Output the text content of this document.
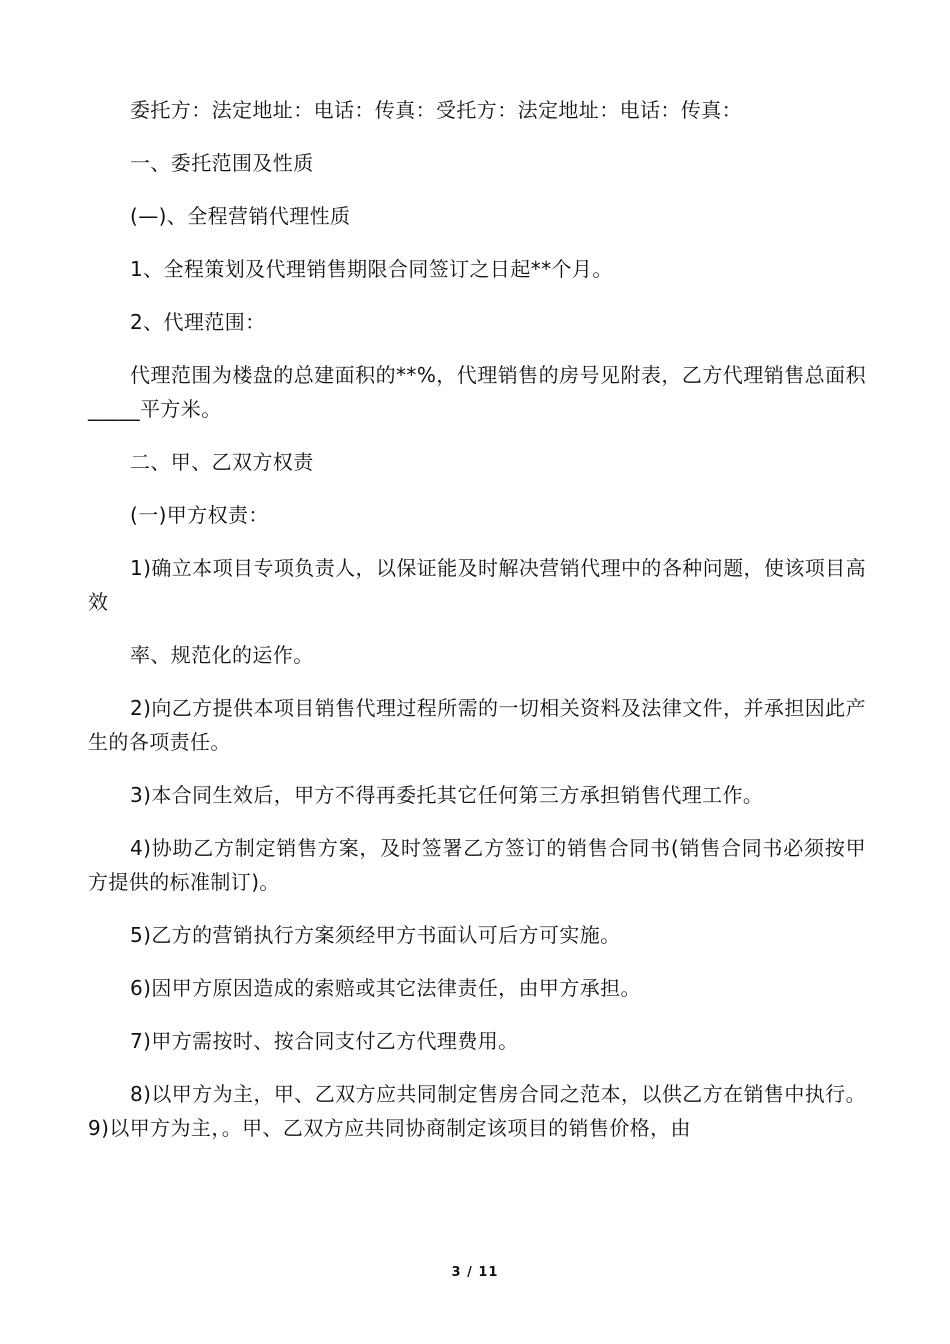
委托方：法定地址：电话：传真：受托方：法定地址：电话：传真：

一、委托范围及性质

(—)、全程营销代理性质

1、全程策划及代理销售期限合同签订之日起**个月。

2、代理范围：

代理范围为楼盘的总建面积的**%，代理销售的房号见附表，乙方代理销售总面积_____平方米。

二、甲、乙双方权责

(一)甲方权责：

1)确立本项目专项负责人，以保证能及时解决营销代理中的各种问题，使该项目高效

率、规范化的运作。

2)向乙方提供本项目销售代理过程所需的一切相关资料及法律文件，并承担因此产生的各项责任。

3)本合同生效后，甲方不得再委托其它任何第三方承担销售代理工作。

4)协助乙方制定销售方案，及时签署乙方签订的销售合同书(销售合同书必须按甲方提供的标准制订)。

5)乙方的营销执行方案须经甲方书面认可后方可实施。

6)因甲方原因造成的索赔或其它法律责任，由甲方承担。

7)甲方需按时、按合同支付乙方代理费用。

8)以甲方为主，甲、乙双方应共同制定售房合同之范本，以供乙方在销售中执行。9)以甲方为主，。甲、乙双方应共同协商制定该项目的销售价格，由

3 / 11
